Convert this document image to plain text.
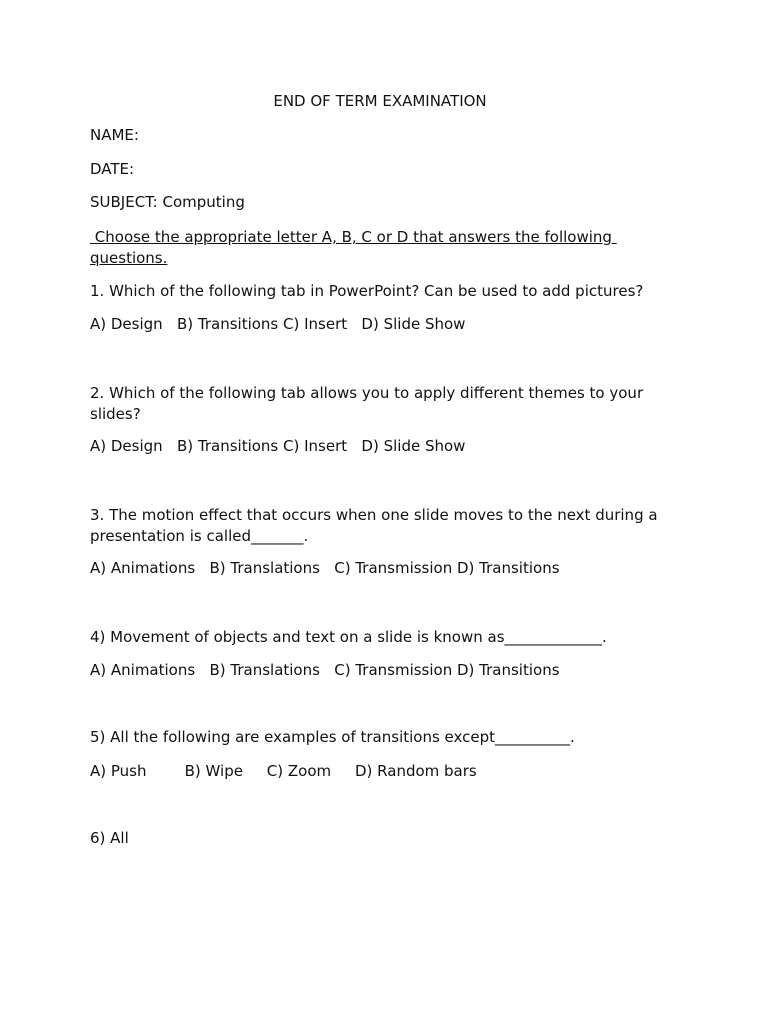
END OF TERM EXAMINATION

NAME:

DATE:

SUBJECT: Computing

Choose the appropriate letter A, B, C or D that answers the following questions.

1. Which of the following tab in PowerPoint? Can be used to add pictures?

A) Design   B) Transitions C) Insert   D) Slide Show

2. Which of the following tab allows you to apply different themes to your slides?

A) Design   B) Transitions C) Insert   D) Slide Show

3. The motion effect that occurs when one slide moves to the next during a presentation is called_______.

A) Animations   B) Translations   C) Transmission D) Transitions

4) Movement of objects and text on a slide is known as_____________.

A) Animations   B) Translations   C) Transmission D) Transitions

5) All the following are examples of transitions except__________.

A) Push        B) Wipe     C) Zoom     D) Random bars

6) All
